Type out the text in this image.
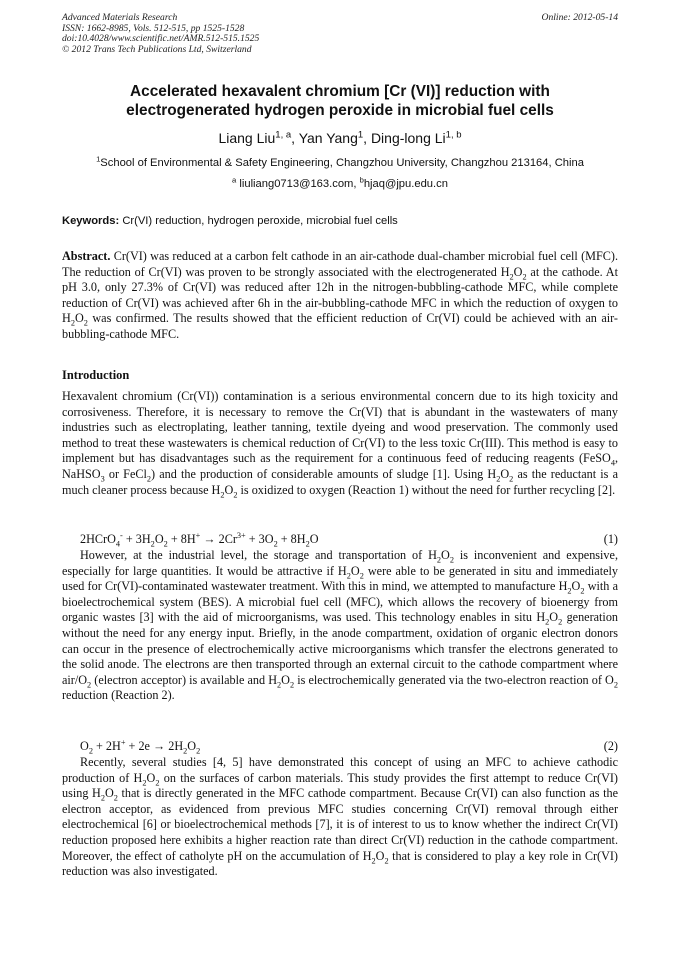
Advanced Materials Research
ISSN: 1662-8985, Vols. 512-515, pp 1525-1528
doi:10.4028/www.scientific.net/AMR.512-515.1525
© 2012 Trans Tech Publications Ltd, Switzerland
Online: 2012-05-14
Accelerated hexavalent chromium [Cr (VI)] reduction with
electrogenerated hydrogen peroxide in microbial fuel cells
Liang Liu$^{1, a}$, Yan Yang$^1$, Ding-long Li$^{1, b}$
$^1$School of Environmental & Safety Engineering, Changzhou University, Changzhou 213164, China
$^a$ liuliang0713@163.com, $^b$hjaq@jpu.edu.cn
Keywords: Cr(VI) reduction, hydrogen peroxide, microbial fuel cells
Abstract. Cr(VI) was reduced at a carbon felt cathode in an air-cathode dual-chamber microbial fuel cell (MFC). The reduction of Cr(VI) was proven to be strongly associated with the electrogenerated $H_2O_2$ at the cathode. At pH 3.0, only 27.3% of Cr(VI) was reduced after 12h in the nitrogen-bubbling-cathode MFC, while complete reduction of Cr(VI) was achieved after 6h in the air-bubbling-cathode MFC in which the reduction of oxygen to $H_2O_2$ was confirmed. The results showed that the efficient reduction of Cr(VI) could be achieved with an air-bubbling-cathode MFC.
Introduction
Hexavalent chromium (Cr(VI)) contamination is a serious environmental concern due to its high toxicity and corrosiveness. Therefore, it is necessary to remove the Cr(VI) that is abundant in the wastewaters of many industries such as electroplating, leather tanning, textile dyeing and wood preservation. The commonly used method to treat these wastewaters is chemical reduction of Cr(VI) to the less toxic Cr(III). This method is easy to implement but has disadvantages such as the requirement for a continuous feed of reducing reagents (FeSO$_4$, NaHSO$_3$ or FeCl$_2$) and the production of considerable amounts of sludge [1]. Using $H_2O_2$ as the reductant is a much cleaner process because $H_2O_2$ is oxidized to oxygen (Reaction 1) without the need for further recycling [2].
2HCrO$_4$- + $3H_2O_2 + 8H^+ \to 2Cr^{3+} + 3O_2 + 8H_2O$	(1)
However, at the industrial level, the storage and transportation of $H_2O_2$ is inconvenient and expensive, especially for large quantities. It would be attractive if $H_2O_2$ were able to be generated in situ and immediately used for Cr(VI)-contaminated wastewater treatment. With this in mind, we attempted to manufacture $H_2O_2$ with a bioelectrochemical system (BES). A microbial fuel cell (MFC), which allows the recovery of bioenergy from organic wastes [3] with the aid of microorganisms, was used. This technology enables in situ $H_2O_2$ generation without the need for any energy input. Briefly, in the anode compartment, oxidation of organic electron donors can occur in the presence of electrochemically active microorganisms which transfer the electrons generated to the solid anode. The electrons are then transported through an external circuit to the cathode compartment where air/$O_2$ (electron acceptor) is available and $H_2O_2$ is electrochemically generated via the two-electron reaction of $O_2$ reduction (Reaction 2).
$O_2 + 2H^+ + 2e \to 2H_2O_2$	(2)
Recently, several studies [4, 5] have demonstrated this concept of using an MFC to achieve cathodic production of $H_2O_2$ on the surfaces of carbon materials. This study provides the first attempt to reduce Cr(VI) using $H_2O_2$ that is directly generated in the MFC cathode compartment. Because Cr(VI) can also function as the electron acceptor, as evidenced from previous MFC studies concerning Cr(VI) removal through either electrochemical [6] or bioelectrochemical methods [7], it is of interest to us to know whether the indirect Cr(VI) reduction proposed here exhibits a higher reaction rate than direct Cr(VI) reduction in the cathode compartment. Moreover, the effect of catholyte pH on the accumulation of $H_2O_2$ that is considered to play a key role in Cr(VI) reduction was also investigated.
